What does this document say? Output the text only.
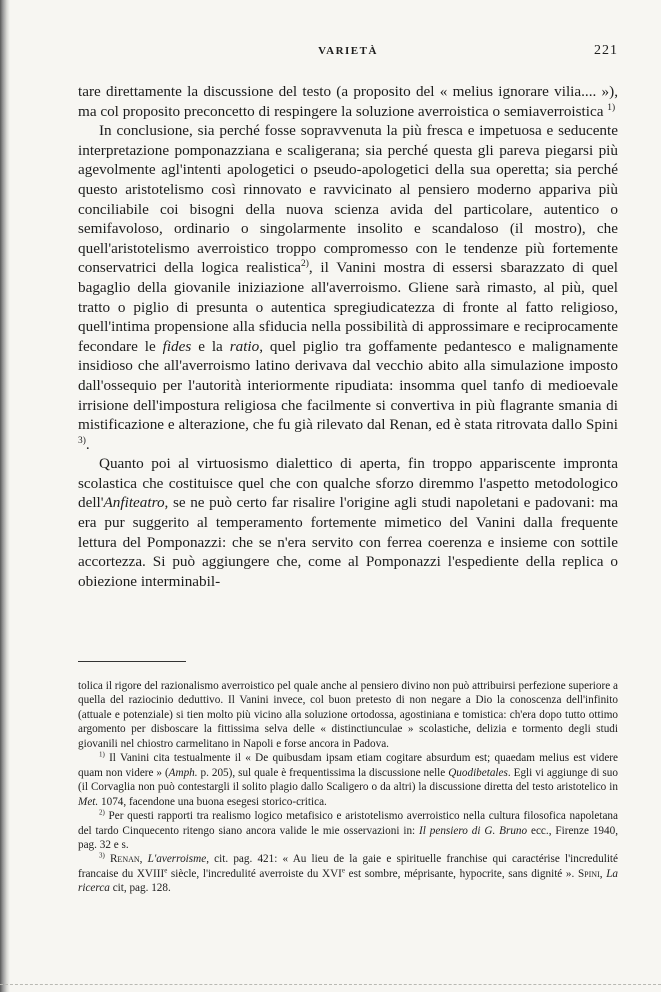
VARIETÀ	221

tare direttamente la discussione del testo (a proposito del « melius ignorare vilia.... »), ma col proposito preconcetto di respingere la soluzione averroistica o semiaverroistica $^{1)}$

In conclusione, sia perché fosse sopravvenuta la più fresca e impetuosa e seducente interpretazione pomponazziana e scaligerana; sia perché questa gli pareva piegarsi più agevolmente agl'intenti apologetici o pseudo-apologetici della sua operetta; sia perché questo aristotelismo così rinnovato e ravvicinato al pensiero moderno appariva più conciliabile coi bisogni della nuova scienza avida del particolare, autentico o semifavoloso, ordinario o singolarmente insolito e scandaloso (il mostro), che quell'aristotelismo averroistico troppo compromesso con le tendenze più fortemente conservatrici della logica realistica$^{2)}$, il Vanini mostra di essersi sbarazzato di quel bagaglio della giovanile iniziazione all'averroismo. Gliene sarà rimasto, al più, quel tratto o piglio di presunta o autentica spregiudicatezza di fronte al fatto religioso, quell'intima propensione alla sfiducia nella possibilità di approssimare e reciprocamente fecondare le fides e la ratio, quel piglio tra goffamente pedantesco e malignamente insidioso che all'averroismo latino derivava dal vecchio abito alla simulazione imposto dall'ossequio per l'autorità interiormente ripudiata: insomma quel tanfo di medioevale irrisione dell'impostura religiosa che facilmente si convertiva in più flagrante smania di mistificazione e alterazione, che fu già rilevato dal Renan, ed è stata ritrovata dallo Spini $^{3)}$.

Quanto poi al virtuosismo dialettico di aperta, fin troppo appariscente impronta scolastica che costituisce quel che con qualche sforzo diremmo l'aspetto metodologico dell'Anfiteatro, se ne può certo far risalire l'origine agli studi napoletani e padovani: ma era pur suggerito al temperamento fortemente mimetico del Vanini dalla frequente lettura del Pomponazzi: che se n'era servito con ferrea coerenza e insieme con sottile accortezza. Si può aggiungere che, come al Pomponazzi l'espediente della replica o obiezione interminabil-

tolica il rigore del razionalismo averroistico pel quale anche al pensiero divino non può attribuirsi perfezione superiore a quella del raziocinio deduttivo. Il Vanini invece, col buon pretesto di non negare a Dio la conoscenza dell'infinito (attuale e potenziale) si tien molto più vicino alla soluzione ortodossa, agostiniana e tomistica: ch'era dopo tutto ottimo argomento per disboscare la fittissima selva delle « distinctiunculae » scolastiche, delizia e tormento degli studi giovanili nel chiostro carmelitano in Napoli e forse ancora in Padova.

$^{1)}$ Il Vanini cita testualmente il « De quibusdam ipsam etiam cogitare absurdum est; quaedam melius est videre quam non videre » (Amph. p. 205), sul quale è frequentissima la discussione nelle Quodibetales. Egli vi aggiunge di suo (il Corvaglia non può contestargli il solito plagio dallo Scaligero o da altri) la discussione diretta del testo aristotelico in Met. 1074, facendone una buona esegesi storico-critica.

$^{2)}$ Per questi rapporti tra realismo logico metafisico e aristotelismo averroistico nella cultura filosofica napoletana del tardo Cinquecento ritengo siano ancora valide le mie osservazioni in: Il pensiero di G. Bruno ecc., Firenze 1940, pag. 32 e s.

$^{3)}$ Renan, L'averroisme, cit. pag. 421: « Au lieu de la gaie e spirituelle franchise qui caractérise l'incredulité francaise du XVIIIe siècle, l'incredulité averroiste du XVIe est sombre, méprisante, hypocrite, sans dignité ». Spini, La ricerca cit, pag. 128.
